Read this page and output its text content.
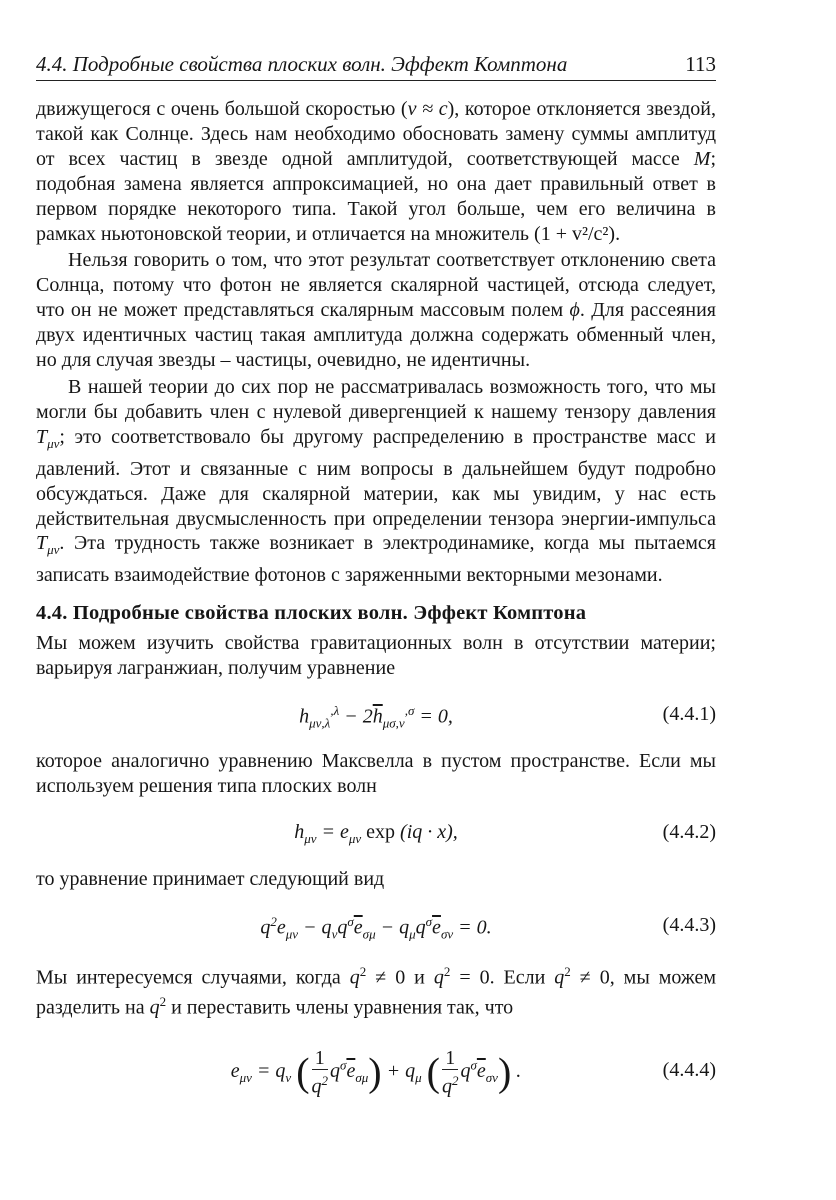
4.4. Подробные свойства плоских волн. Эффект Комптона	113

движущегося с очень большой скоростью (v ≈ c), которое отклоняется звездой, такой как Солнце. Здесь нам необходимо обосновать замену суммы амплитуд от всех частиц в звезде одной амплитудой, соответствующей массе M; подобная замена является аппроксимацией, но она дает правильный ответ в первом порядке некоторого типа. Такой угол больше, чем его величина в рамках ньютоновской теории, и отличается на множитель (1 + v²/c²).

Нельзя говорить о том, что этот результат соответствует отклонению света Солнца, потому что фотон не является скалярной частицей, отсюда следует, что он не может представляться скалярным массовым полем ϕ. Для рассеяния двух идентичных частиц такая амплитуда должна содержать обменный член, но для случая звезды – частицы, очевидно, не идентичны.

В нашей теории до сих пор не рассматривалась возможность того, что мы могли бы добавить член с нулевой дивергенцией к нашему тензору давления $T_{\mu\nu}$; это соответствовало бы другому распределению в пространстве масс и давлений. Этот и связанные с ним вопросы в дальнейшем будут подробно обсуждаться. Даже для скалярной материи, как мы увидим, у нас есть действительная двусмысленность при определении тензора энергии-импульса $T_{\mu\nu}$. Эта трудность также возникает в электродинамике, когда мы пытаемся записать взаимодействие фотонов с заряженными векторными мезонами.

4.4. Подробные свойства плоских волн. Эффект Комптона

Мы можем изучить свойства гравитационных волн в отсутствии материи; варьируя лагранжиан, получим уравнение

$h_{\mu\nu,\lambda}^{,\lambda} - 2\overline{h}_{\mu\sigma,\nu}^{,\sigma} = 0$,	(4.4.1)

которое аналогично уравнению Максвелла в пустом пространстве. Если мы используем решения типа плоских волн

$h_{\mu\nu} = e_{\mu\nu}$ exp (iq · x),	(4.4.2)

то уравнение принимает следующий вид

$q^2e_{\mu\nu} - q_\nu q^\sigma\overline{e}_{\sigma\mu} - q_\mu q^\sigma\overline{e}_{\sigma\nu} = 0$.	(4.4.3)

Мы интересуемся случаями, когда $q^2 \ne 0$ и $q^2 = 0$. Если $q^2 \ne 0$, мы можем разделить на $q^2$ и переставить члены уравнения так, что

$e_{\mu\nu} = q_\nu$ ( $\frac{1}{q^2} q^\sigma\overline{e}_{\sigma\mu}) + q_\mu$ ( $\frac{1}{q^2} q^\sigma\overline{e}_{\sigma\nu}$) .	(4.4.4)
